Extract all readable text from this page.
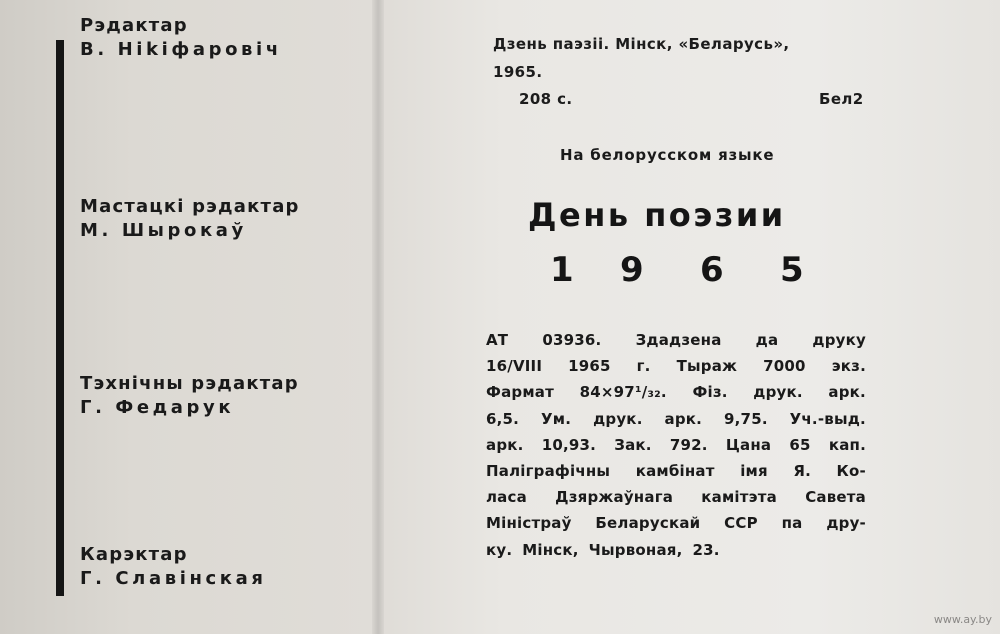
Рэдактар
В. Ніkіфаровіч
Мастацкі рэдактар
М. Шырокаў
Тэхнічны рэдактар
Г. Федарук
Карэктар
Г. Славінская
Дзень паэзіі. Мінск, «Беларусь»,
1965.
208 с.	Бел2
На белорусском языке
День поэзии
1 9 6 5
АТ 03936. Здадзена да друку
16/VIII 1965 г. Тыраж 7000 экз.
Фармат 84×97¹/₃₂. Фіз. друк. арк.
6,5. Ум. друк. арк. 9,75. Уч.-выд.
арк. 10,93. Зак. 792. Цана 65 кап.
Паліграфічны камбінат імя Я. Ко-
ласа Дзяржаўнага камітэта Савета
Міністраў Беларускай ССР па дру-
ку. Мінск, Чырвоная, 23.
www.ay.by
